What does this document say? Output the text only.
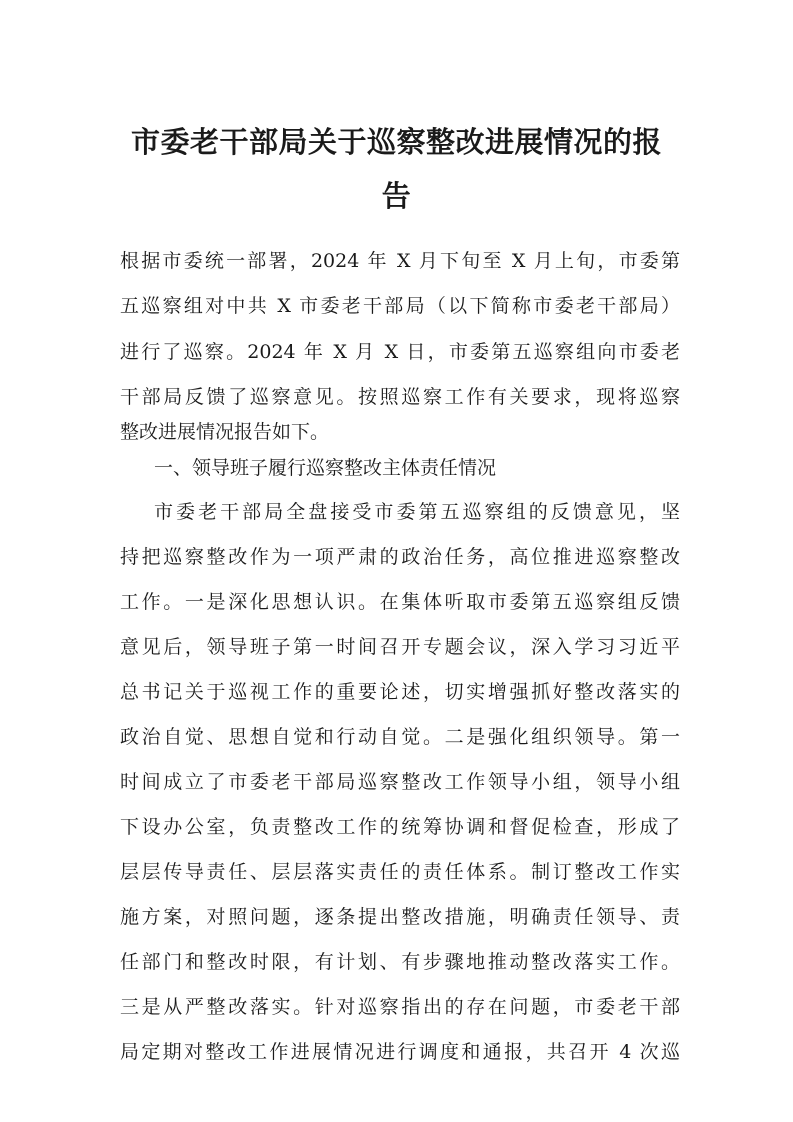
市委老干部局关于巡察整改进展情况的报
告
根据市委统一部署，2024 年 X 月下旬至 X 月上旬，市委第
五巡察组对中共 X 市委老干部局（以下简称市委老干部局）
进行了巡察。2024 年 X 月 X 日，市委第五巡察组向市委老
干部局反馈了巡察意见。按照巡察工作有关要求，现将巡察
整改进展情况报告如下。
一、领导班子履行巡察整改主体责任情况
市委老干部局全盘接受市委第五巡察组的反馈意见，坚
持把巡察整改作为一项严肃的政治任务，高位推进巡察整改
工作。一是深化思想认识。在集体听取市委第五巡察组反馈
意见后，领导班子第一时间召开专题会议，深入学习习近平
总书记关于巡视工作的重要论述，切实增强抓好整改落实的
政治自觉、思想自觉和行动自觉。二是强化组织领导。第一
时间成立了市委老干部局巡察整改工作领导小组，领导小组
下设办公室，负责整改工作的统筹协调和督促检查，形成了
层层传导责任、层层落实责任的责任体系。制订整改工作实
施方案，对照问题，逐条提出整改措施，明确责任领导、责
任部门和整改时限，有计划、有步骤地推动整改落实工作。
三是从严整改落实。针对巡察指出的存在问题，市委老干部
局定期对整改工作进展情况进行调度和通报，共召开 4 次巡
